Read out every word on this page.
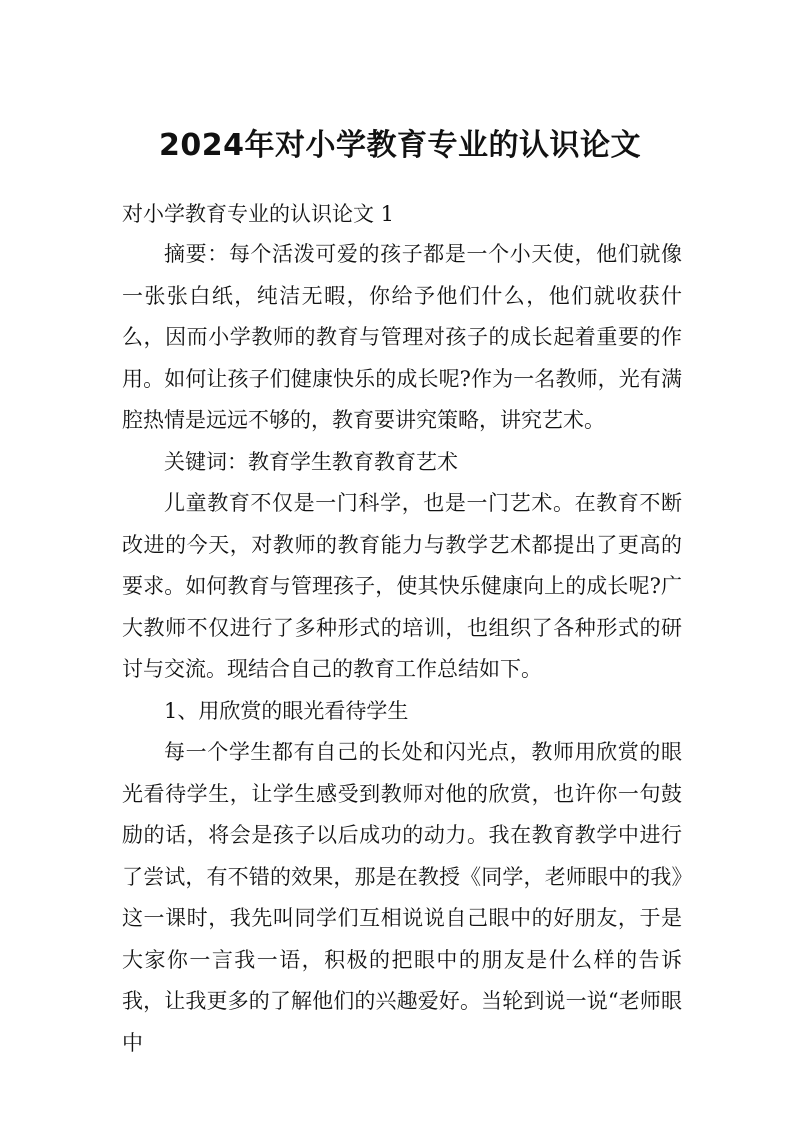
2024年对小学教育专业的认识论文
对小学教育专业的认识论文 1

摘要：每个活泼可爱的孩子都是一个小天使，他们就像一张张白纸，纯洁无暇，你给予他们什么，他们就收获什么，因而小学教师的教育与管理对孩子的成长起着重要的作用。如何让孩子们健康快乐的成长呢?作为一名教师，光有满腔热情是远远不够的，教育要讲究策略，讲究艺术。

关键词：教育学生教育教育艺术

儿童教育不仅是一门科学，也是一门艺术。在教育不断改进的今天，对教师的教育能力与教学艺术都提出了更高的要求。如何教育与管理孩子，使其快乐健康向上的成长呢?广大教师不仅进行了多种形式的培训，也组织了各种形式的研讨与交流。现结合自己的教育工作总结如下。

1、用欣赏的眼光看待学生

每一个学生都有自己的长处和闪光点，教师用欣赏的眼光看待学生，让学生感受到教师对他的欣赏，也许你一句鼓励的话，将会是孩子以后成功的动力。我在教育教学中进行了尝试，有不错的效果，那是在教授《同学，老师眼中的我》这一课时，我先叫同学们互相说说自己眼中的好朋友，于是大家你一言我一语，积极的把眼中的朋友是什么样的告诉我，让我更多的了解他们的兴趣爱好。当轮到说一说“老师眼中
